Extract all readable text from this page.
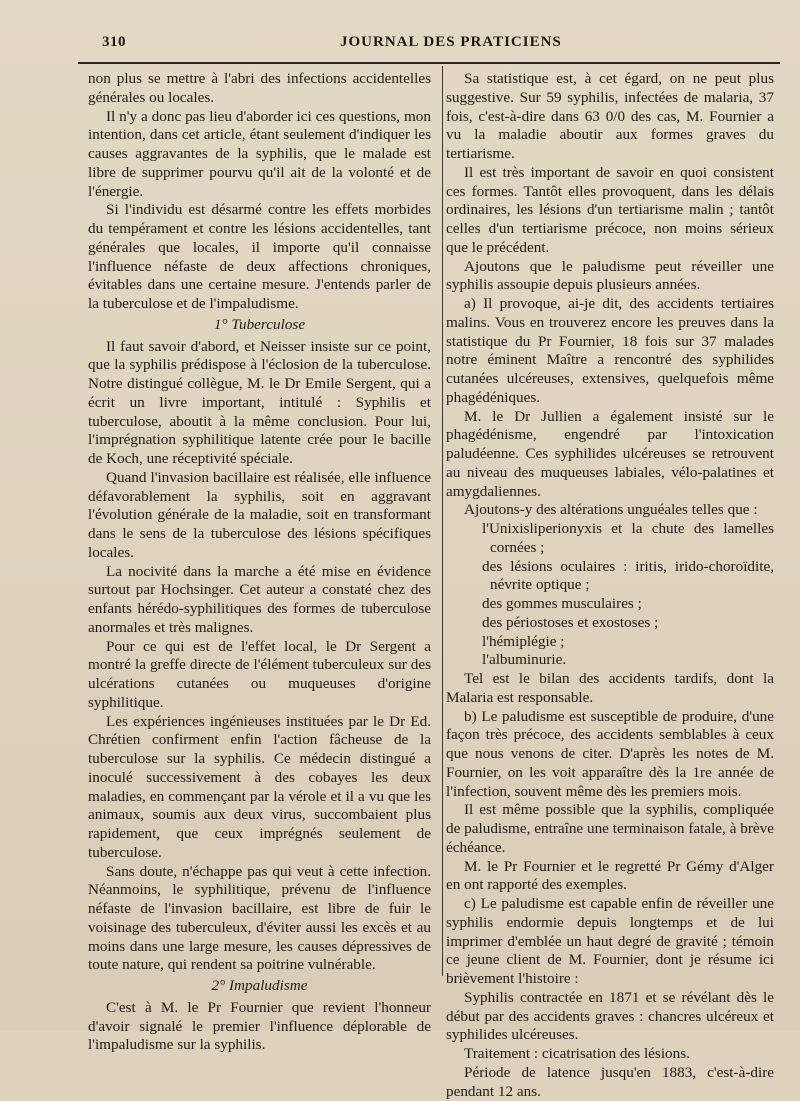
310	JOURNAL DES PRATICIENS

non plus se mettre à l'abri des infections accidentelles générales ou locales.

Il n'y a donc pas lieu d'aborder ici ces questions, mon intention, dans cet article, étant seulement d'indiquer les causes aggravantes de la syphilis, que le malade est libre de supprimer pourvu qu'il ait de la volonté et de l'énergie.

Si l'individu est désarmé contre les effets morbides du tempérament et contre les lésions accidentelles, tant générales que locales, il importe qu'il connaisse l'influence néfaste de deux affections chroniques, évitables dans une certaine mesure. J'entends parler de la tuberculose et de l'impaludisme.

1° Tuberculose

Il faut savoir d'abord, et Neisser insiste sur ce point, que la syphilis prédispose à l'éclosion de la tuberculose. Notre distingué collègue, M. le Dr Emile Sergent, qui a écrit un livre important, intitulé : Syphilis et tuberculose, aboutit à la même conclusion. Pour lui, l'imprégnation syphilitique latente crée pour le bacille de Koch, une réceptivité spéciale.

Quand l'invasion bacillaire est réalisée, elle influence défavorablement la syphilis, soit en aggravant l'évolution générale de la maladie, soit en transformant dans le sens de la tuberculose des lésions spécifiques locales.

La nocivité dans la marche a été mise en évidence surtout par Hochsinger. Cet auteur a constaté chez des enfants hérédo-syphilitiques des formes de tuberculose anormales et très malignes.

Pour ce qui est de l'effet local, le Dr Sergent a montré la greffe directe de l'élément tuberculeux sur des ulcérations cutanées ou muqueuses d'origine syphilitique.

Les expériences ingénieuses instituées par le Dr Ed. Chrétien confirment enfin l'action fâcheuse de la tuberculose sur la syphilis. Ce médecin distingué a inoculé successivement à des cobayes les deux maladies, en commençant par la vérole et il a vu que les animaux, soumis aux deux virus, succombaient plus rapidement, que ceux imprégnés seulement de tuberculose.

Sans doute, n'échappe pas qui veut à cette infection. Néanmoins, le syphilitique, prévenu de l'influence néfaste de l'invasion bacillaire, est libre de fuir le voisinage des tuberculeux, d'éviter aussi les excès et au moins dans une large mesure, les causes dépressives de toute nature, qui rendent sa poitrine vulnérable.

2° Impaludisme

C'est à M. le Pr Fournier que revient l'honneur d'avoir signalé le premier l'influence déplorable de l'impaludisme sur la syphilis.

Sa statistique est, à cet égard, on ne peut plus suggestive. Sur 59 syphilis, infectées de malaria, 37 fois, c'est-à-dire dans 63 0/0 des cas, M. Fournier a vu la maladie aboutir aux formes graves du tertiarisme.

Il est très important de savoir en quoi consistent ces formes. Tantôt elles provoquent, dans les délais ordinaires, les lésions d'un tertiarisme malin ; tantôt celles d'un tertiarisme précoce, non moins sérieux que le précédent.

Ajoutons que le paludisme peut réveiller une syphilis assoupie depuis plusieurs années.

a) Il provoque, ai-je dit, des accidents tertiaires malins. Vous en trouverez encore les preuves dans la statistique du Pr Fournier, 18 fois sur 37 malades notre éminent Maître a rencontré des syphilides cutanées ulcéreuses, extensives, quelquefois même phagédéniques.

M. le Dr Jullien a également insisté sur le phagédénisme, engendré par l'intoxication paludéenne. Ces syphilides ulcéreuses se retrouvent au niveau des muqueuses labiales, vélo-palatines et amygdaliennes.

Ajoutons-y des altérations unguéales telles que :

l'Unixisliperionyxis et la chute des lamelles cornées ;

des lésions oculaires : iritis, irido-choroïdite, névrite optique ;

des gommes musculaires ;

des périostoses et exostoses ;

l'hémiplégie ;

l'albuminurie.

Tel est le bilan des accidents tardifs, dont la Malaria est responsable.

b) Le paludisme est susceptible de produire, d'une façon très précoce, des accidents semblables à ceux que nous venons de citer. D'après les notes de M. Fournier, on les voit apparaître dès la 1re année de l'infection, souvent même dès les premiers mois.

Il est même possible que la syphilis, compliquée de paludisme, entraîne une terminaison fatale, à brève échéance.

M. le Pr Fournier et le regretté Pr Gémy d'Alger en ont rapporté des exemples.

c) Le paludisme est capable enfin de réveiller une syphilis endormie depuis longtemps et de lui imprimer d'emblée un haut degré de gravité ; témoin ce jeune client de M. Fournier, dont je résume ici brièvement l'histoire :

Syphilis contractée en 1871 et se révélant dès le début par des accidents graves : chancres ulcéreux et syphilides ulcéreuses.

Traitement : cicatrisation des lésions.

Période de latence jusqu'en 1883, c'est-à-dire pendant 12 ans.
